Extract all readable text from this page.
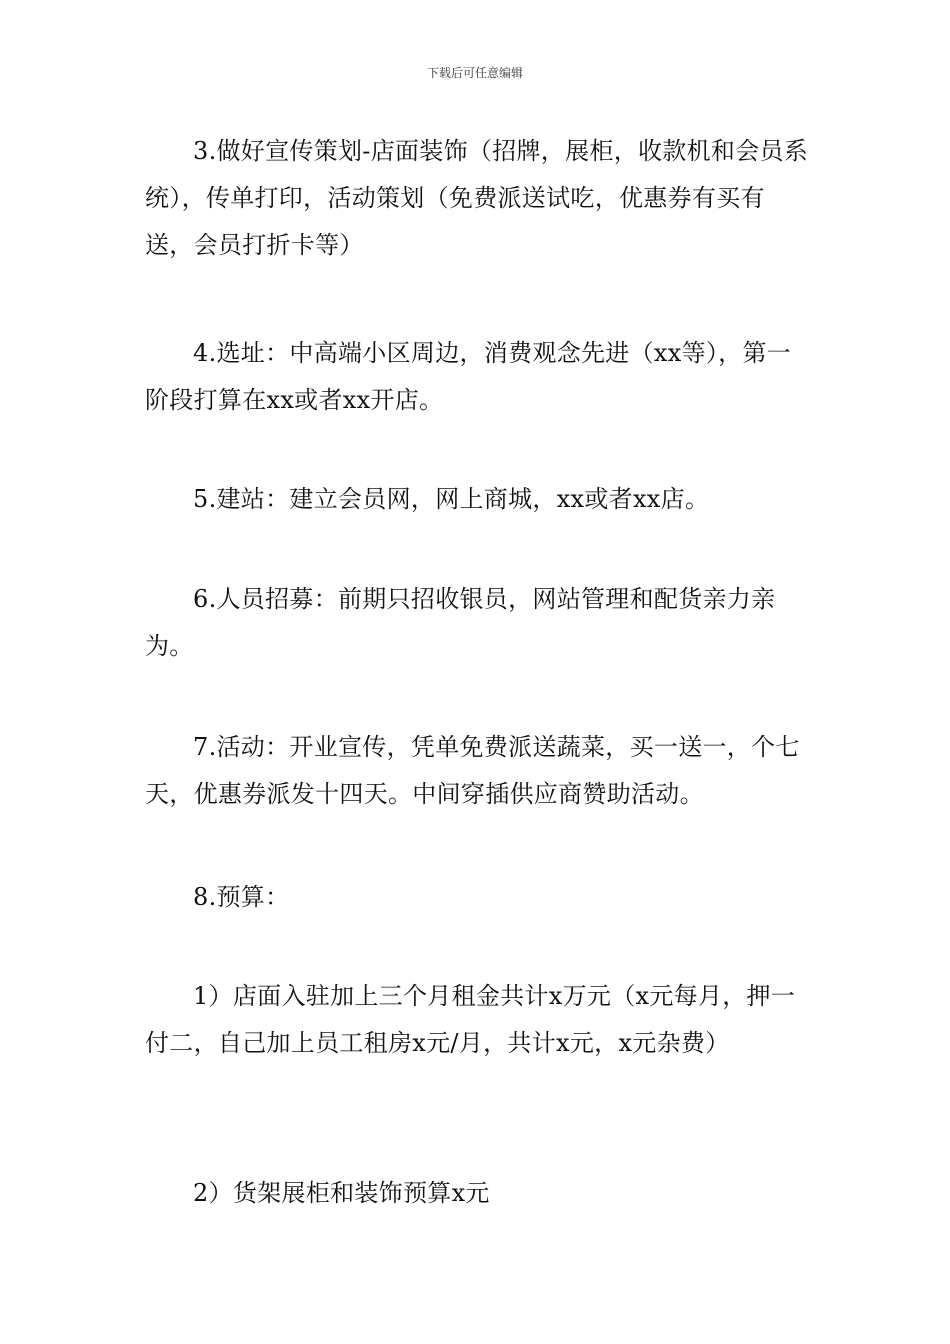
下载后可任意编辑

3.做好宣传策划-店面装饰（招牌，展柜，收款机和会员系统），传单打印，活动策划（免费派送试吃，优惠券有买有送，会员打折卡等）

4.选址：中高端小区周边，消费观念先进（xx等），第一阶段打算在xx或者xx开店。

5.建站：建立会员网，网上商城，xx或者xx店。

6.人员招募：前期只招收银员，网站管理和配货亲力亲为。

7.活动：开业宣传，凭单免费派送蔬菜，买一送一，个七天，优惠券派发十四天。中间穿插供应商赞助活动。

8.预算：

1）店面入驻加上三个月租金共计x万元（x元每月，押一付二，自己加上员工租房x元/月，共计x元，x元杂费）

2）货架展柜和装饰预算x元
